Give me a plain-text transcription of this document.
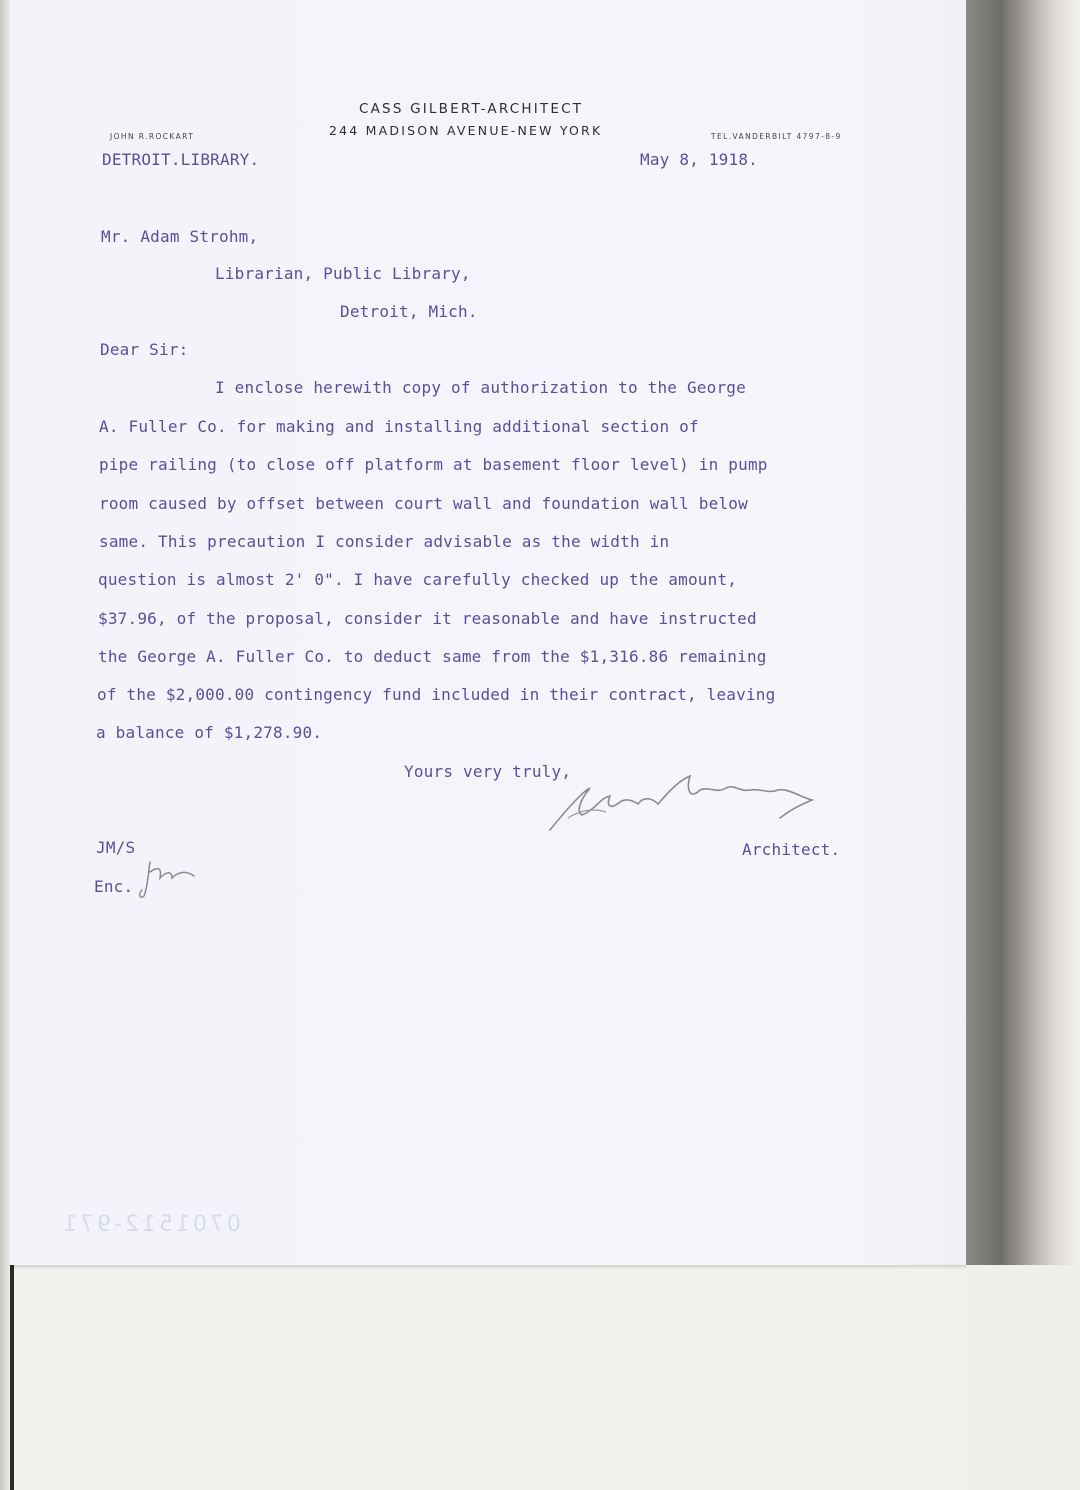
CASS GILBERT-ARCHITECT
244 MADISON AVENUE-NEW YORK
JOHN R.ROCKART	TEL.VANDERBILT 4797-8-9
DETROIT.LIBRARY.	May 8, 1918.
Mr. Adam Strohm,
Librarian, Public Library,
Detroit, Mich.
Dear Sir:
I enclose herewith copy of authorization to the George
A. Fuller Co. for making and installing additional section of
pipe railing (to close off platform at basement floor level) in pump
room caused by offset between court wall and foundation wall below
same. This precaution I consider advisable as the width in
question is almost 2' 0". I have carefully checked up the amount,
$37.96, of the proposal, consider it reasonable and have instructed
the George A. Fuller Co. to deduct same from the $1,316.86 remaining
of the $2,000.00 contingency fund included in their contract, leaving
a balance of $1,278.90.
Yours very truly,
Architect.
JM/S
Enc.
0701512-971
